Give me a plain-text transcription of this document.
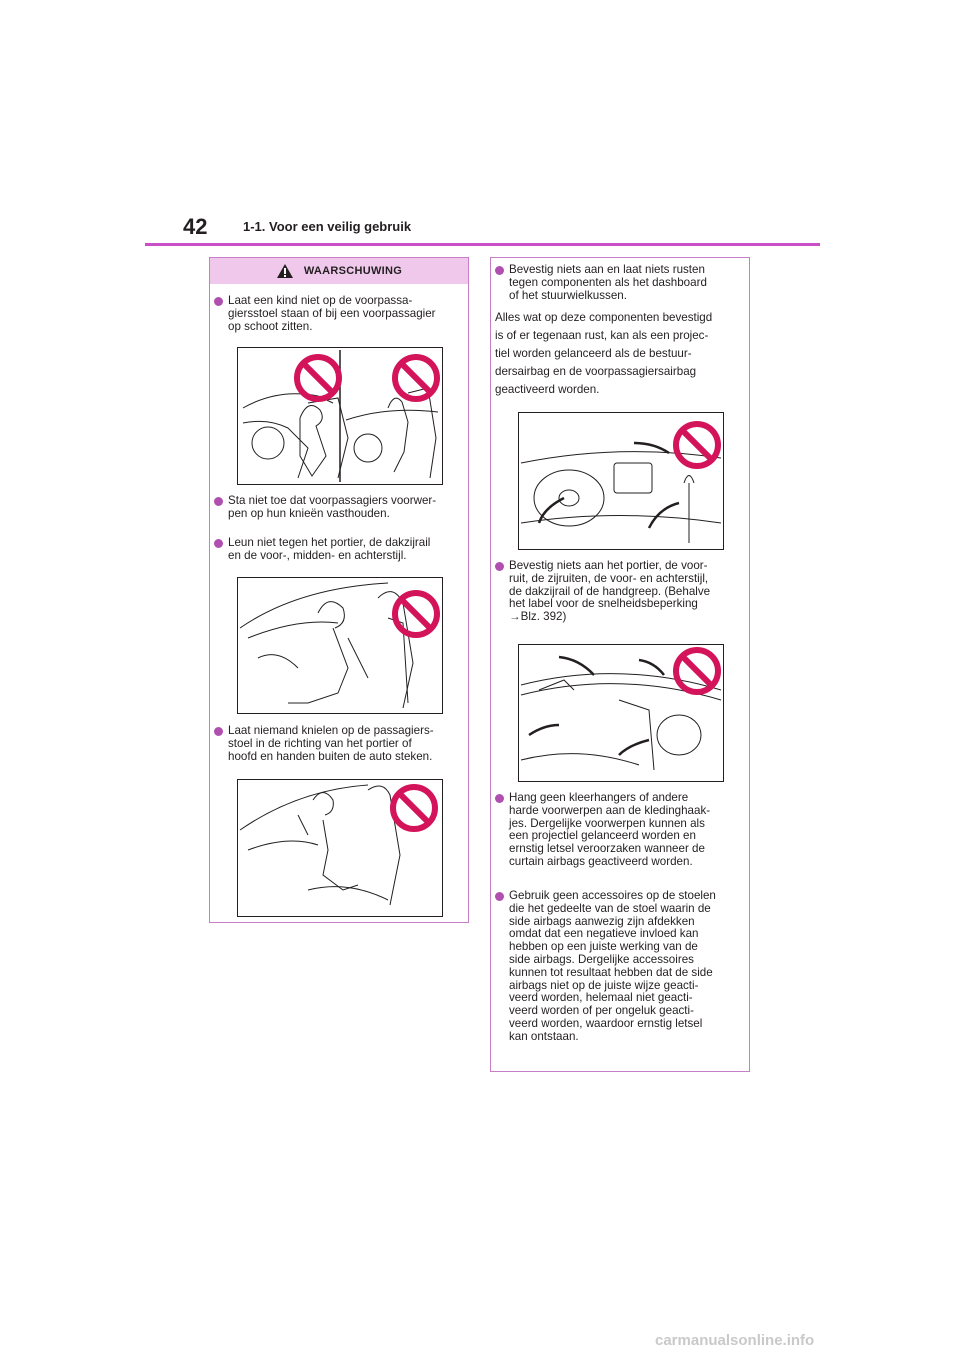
42	1-1. Voor een veilig gebruik
WAARSCHUWING
Laat een kind niet op de voorpassa-
giersstoel staan of bij een voorpassagier
op schoot zitten.
Sta niet toe dat voorpassagiers voorwer-
pen op hun knieën vasthouden.
Leun niet tegen het portier, de dakzijrail
en de voor-, midden- en achterstijl.
Laat niemand knielen op de passagiers-
stoel in de richting van het portier of
hoofd en handen buiten de auto steken.
Bevestig niets aan en laat niets rusten
tegen componenten als het dashboard
of het stuurwielkussen.
Alles wat op deze componenten bevestigd
is of er tegenaan rust, kan als een projec-
tiel worden gelanceerd als de bestuur-
dersairbag en de voorpassagiersairbag
geactiveerd worden.
Bevestig niets aan het portier, de voor-
ruit, de zijruiten, de voor- en achterstijl,
de dakzijrail of de handgreep. (Behalve
het label voor de snelheidsbeperking
→Blz. 392)
Hang geen kleerhangers of andere
harde voorwerpen aan de kledinghaak-
jes. Dergelijke voorwerpen kunnen als
een projectiel gelanceerd worden en
ernstig letsel veroorzaken wanneer de
curtain airbags geactiveerd worden.
Gebruik geen accessoires op de stoelen
die het gedeelte van de stoel waarin de
side airbags aanwezig zijn afdekken
omdat dat een negatieve invloed kan
hebben op een juiste werking van de
side airbags. Dergelijke accessoires
kunnen tot resultaat hebben dat de side
airbags niet op de juiste wijze geacti-
veerd worden, helemaal niet geacti-
veerd worden of per ongeluk geacti-
veerd worden, waardoor ernstig letsel
kan ontstaan.
carmanualsonline.info
